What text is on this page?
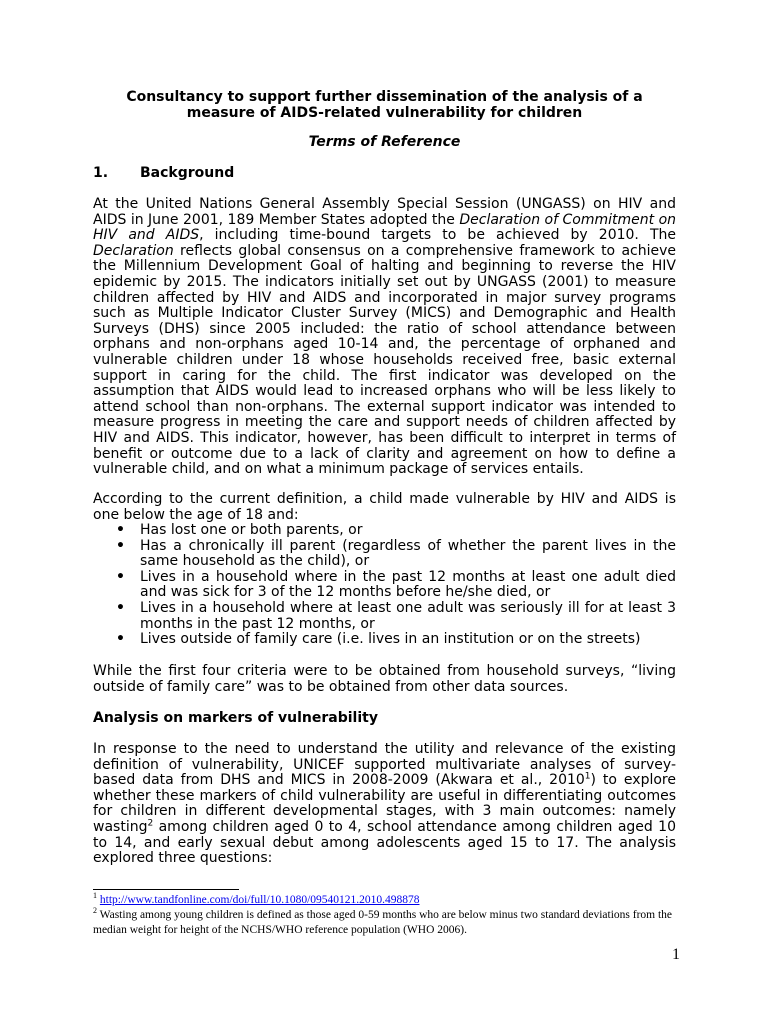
Consultancy to support further dissemination of the analysis of a
measure of AIDS-related vulnerability for children
Terms of Reference
1. Background

At the United Nations General Assembly Special Session (UNGASS) on HIV and AIDS in June 2001, 189 Member States adopted the Declaration of Commitment on HIV and AIDS, including time-bound targets to be achieved by 2010. The Declaration reflects global consensus on a comprehensive framework to achieve the Millennium Development Goal of halting and beginning to reverse the HIV epidemic by 2015. The indicators initially set out by UNGASS (2001) to measure children affected by HIV and AIDS and incorporated in major survey programs such as Multiple Indicator Cluster Survey (MICS) and Demographic and Health Surveys (DHS) since 2005 included: the ratio of school attendance between orphans and non-orphans aged 10-14 and, the percentage of orphaned and vulnerable children under 18 whose households received free, basic external support in caring for the child. The first indicator was developed on the assumption that AIDS would lead to increased orphans who will be less likely to attend school than non-orphans. The external support indicator was intended to measure progress in meeting the care and support needs of children affected by HIV and AIDS. This indicator, however, has been difficult to interpret in terms of benefit or outcome due to a lack of clarity and agreement on how to define a vulnerable child, and on what a minimum package of services entails.

According to the current definition, a child made vulnerable by HIV and AIDS is one below the age of 18 and:

• Has lost one or both parents, or
• Has a chronically ill parent (regardless of whether the parent lives in the same household as the child), or
• Lives in a household where in the past 12 months at least one adult died and was sick for 3 of the 12 months before he/she died, or
• Lives in a household where at least one adult was seriously ill for at least 3 months in the past 12 months, or
• Lives outside of family care (i.e. lives in an institution or on the streets)

While the first four criteria were to be obtained from household surveys, “living outside of family care” was to be obtained from other data sources.

Analysis on markers of vulnerability

In response to the need to understand the utility and relevance of the existing definition of vulnerability, UNICEF supported multivariate analyses of survey-based data from DHS and MICS in 2008-2009 (Akwara et al., 2010$^1$) to explore whether these markers of child vulnerability are useful in differentiating outcomes for children in different developmental stages, with 3 main outcomes: namely wasting$^2$ among children aged 0 to 4, school attendance among children aged 10 to 14, and early sexual debut among adolescents aged 15 to 17. The analysis explored three questions:

$^1$ http://www.tandfonline.com/doi/full/10.1080/09540121.2010.498878
$^2$ Wasting among young children is defined as those aged 0-59 months who are below minus two standard deviations from the median weight for height of the NCHS/WHO reference population (WHO 2006).
1
